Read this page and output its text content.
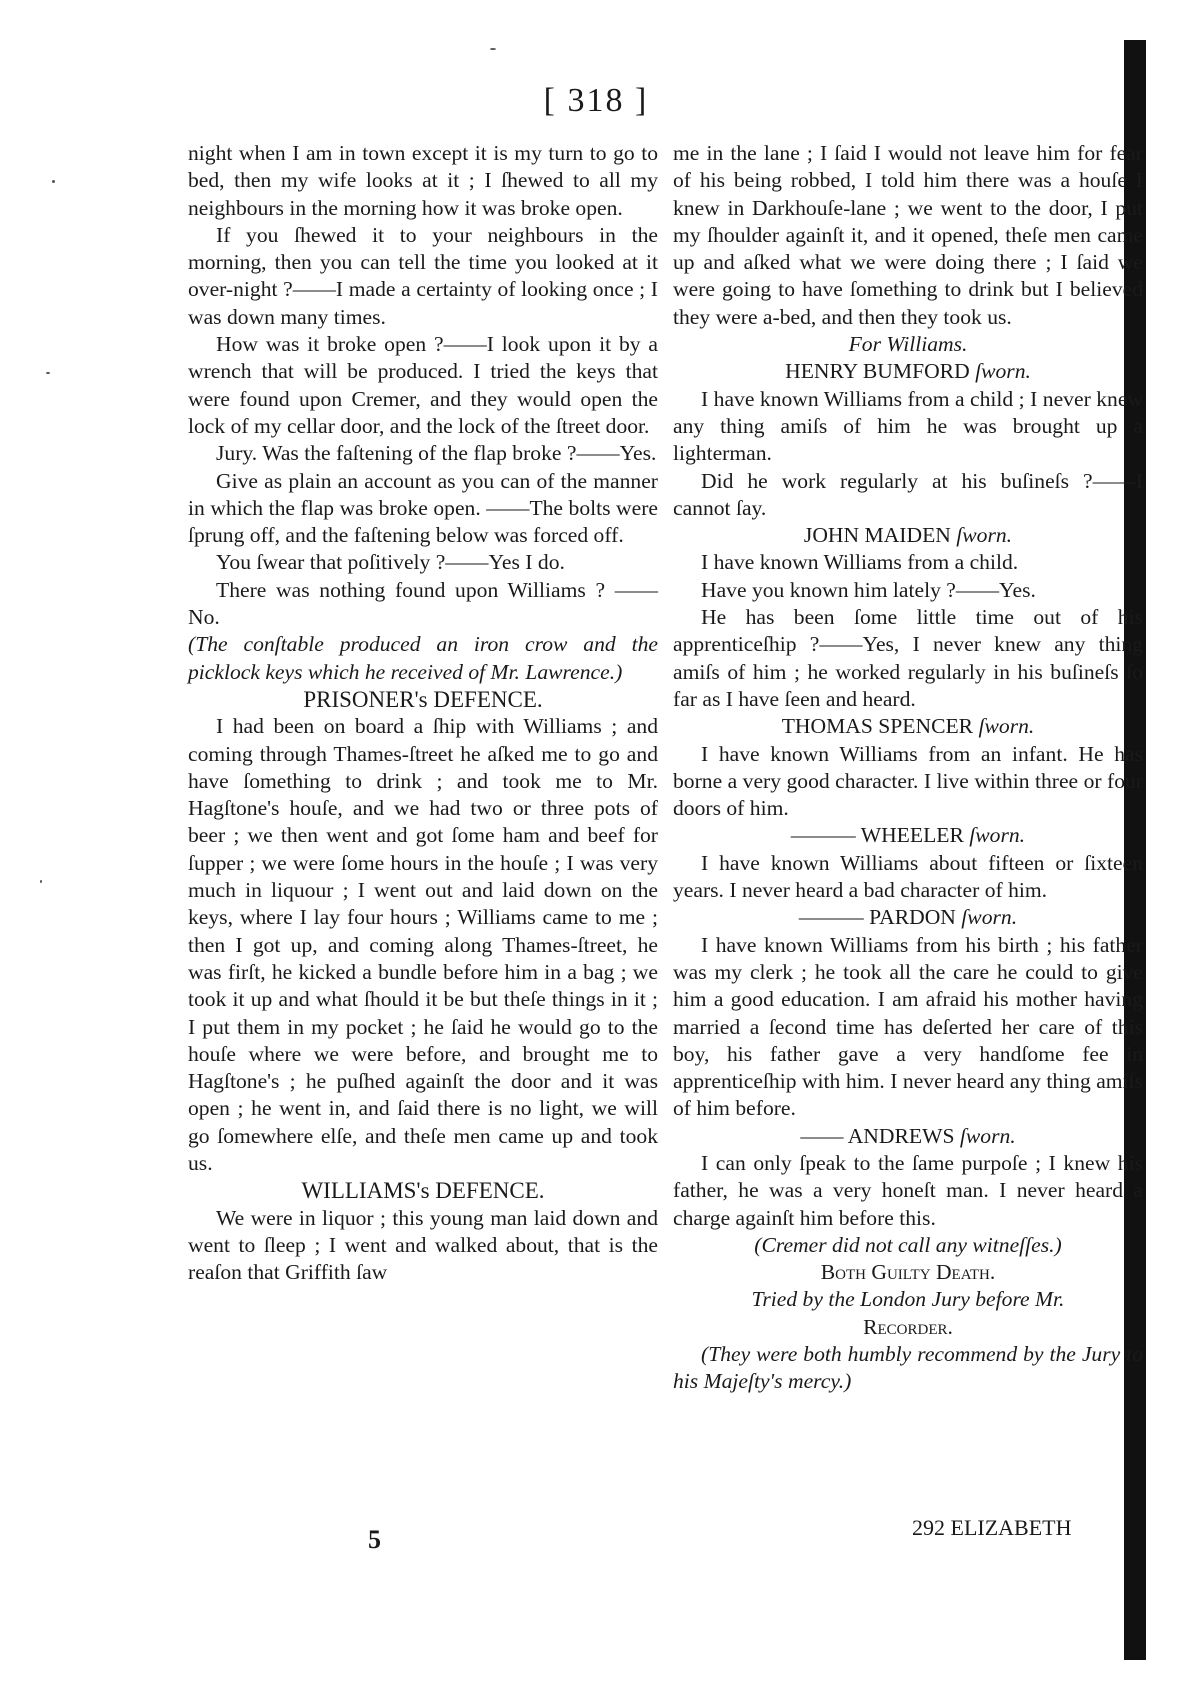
[ 318 ]

night when I am in town except it is my turn to go to bed, then my wife looks at it ; I ſhewed to all my neighbours in the morning how it was broke open.

If you ſhewed it to your neighbours in the morning, then you can tell the time you looked at it over-night ?——I made a certainty of looking once ; I was down many times.

How was it broke open ?——I look upon it by a wrench that will be produced. I tried the keys that were found upon Cremer, and they would open the lock of my cellar door, and the lock of the ſtreet door.

Jury. Was the faſtening of the flap broke ?——Yes.

Give as plain an account as you can of the manner in which the flap was broke open. ——The bolts were ſprung off, and the faſtening below was forced off.

You ſwear that poſitively ?——Yes I do.

There was nothing found upon Williams ? ——No.

(The conſtable produced an iron crow and the picklock keys which he received of Mr. Lawrence.)

PRISONER's DEFENCE.

I had been on board a ſhip with Williams ; and coming through Thames-ſtreet he aſked me to go and have ſomething to drink ; and took me to Mr. Hagſtone's houſe, and we had two or three pots of beer ; we then went and got ſome ham and beef for ſupper ; we were ſome hours in the houſe ; I was very much in liquour ; I went out and laid down on the keys, where I lay four hours ; Williams came to me ; then I got up, and coming along Thames-ſtreet, he was firſt, he kicked a bundle before him in a bag ; we took it up and what ſhould it be but theſe things in it ; I put them in my pocket ; he ſaid he would go to the houſe where we were before, and brought me to Hagſtone's ; he puſhed againſt the door and it was open ; he went in, and ſaid there is no light, we will go ſomewhere elſe, and theſe men came up and took us.

WILLIAMS's DEFENCE.

We were in liquor ; this young man laid down and went to ſleep ; I went and walked about, that is the reaſon that Griffith ſaw

me in the lane ; I ſaid I would not leave him for fear of his being robbed, I told him there was a houſe I knew in Darkhouſe-lane ; we went to the door, I put my ſhoulder againſt it, and it opened, theſe men came up and aſked what we were doing there ; I ſaid we were going to have ſomething to drink but I believed they were a-bed, and then they took us.

For Williams.

HENRY BUMFORD ſworn.

I have known Williams from a child ; I never knew any thing amiſs of him he was brought up a lighterman.

Did he work regularly at his buſineſs ?——I cannot ſay.

JOHN MAIDEN ſworn.

I have known Williams from a child.

Have you known him lately ?——Yes.

He has been ſome little time out of his apprenticeſhip ?——Yes, I never knew any thing amiſs of him ; he worked regularly in his buſineſs ſo far as I have ſeen and heard.

THOMAS SPENCER ſworn.

I have known Williams from an infant. He has borne a very good character. I live within three or four doors of him.

——— WHEELER ſworn.

I have known Williams about fifteen or ſixteen years. I never heard a bad character of him.

——— PARDON ſworn.

I have known Williams from his birth ; his father was my clerk ; he took all the care he could to give him a good education. I am afraid his mother having married a ſecond time has deſerted her care of this boy, his father gave a very handſome fee in apprenticeſhip with him. I never heard any thing amiſs of him before.

—— ANDREWS ſworn.

I can only ſpeak to the ſame purpoſe ; I knew his father, he was a very honeſt man. I never heard a charge againſt him before this.

(Cremer did not call any witneſſes.)

Both Guilty Death.

Tried by the London Jury before Mr.

Recorder.

(They were both humbly recommend by the Jury to his Majeſty's mercy.)

5	292 ELIZABETH
